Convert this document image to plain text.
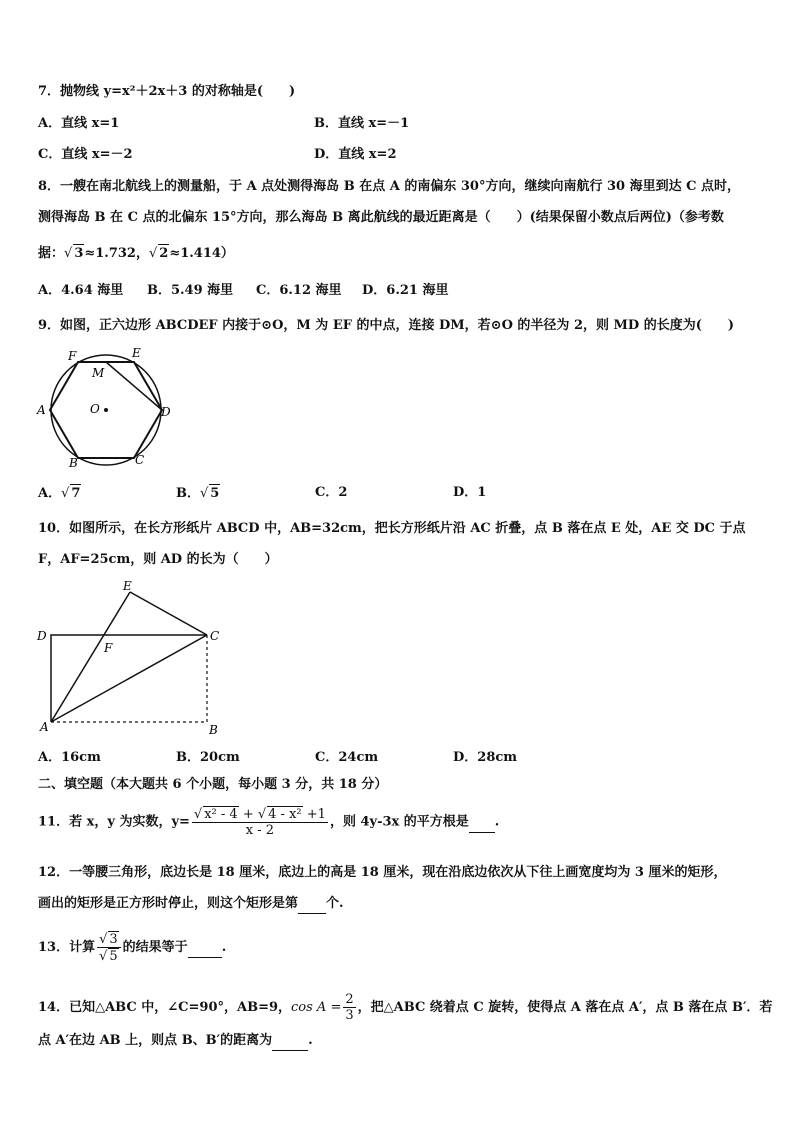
7．抛物线 y=x²＋2x＋3 的对称轴是(　　)
A．直线 x=1	B．直线 x=－1
C．直线 x=－2	D．直线 x=2
8．一艘在南北航线上的测量船，于 A 点处测得海岛 B 在点 A 的南偏东 30°方向，继续向南航行 30 海里到达 C 点时，
测得海岛 B 在 C 点的北偏东 15°方向，那么海岛 B 离此航线的最近距离是（　　）(结果保留小数点后两位)（参考数
据：√ 3≈1.732，√ 2≈1.414）
A．4.64 海里 B．5.49 海里 C．6.12 海里 D．6.21 海里
9．如图，正六边形 ABCDEF 内接于⊙O，M 为 EF 的中点，连接 DM，若⊙O 的半径为 2，则 MD 的长度为(　　)
F	E
M
A	O	D
B	C
A．√ 7	B．√ 5	C．2	D．1
10．如图所示，在长方形纸片 ABCD 中，AB=32cm，把长方形纸片沿 AC 折叠，点 B 落在点 E 处，AE 交 DC 于点
F，AF=25cm，则 AD 的长为（　　）
E
D
F
C
A	B
A．16cm	B．20cm	C．24cm	D．28cm
二、填空题（本大题共 6 个小题，每小题 3 分，共 18 分）
11．若 x，y 为实数，$y= \frac{\text{√ x² - 4 + √ 4 - x² +1}}{x - 2}$ ，则 4y-3x 的平方根是 .
12．一等腰三角形，底边长是 18 厘米，底边上的高是 18 厘米，现在沿底边依次从下往上画宽度均为 3 厘米的矩形，
画出的矩形是正方形时停止，则这个矩形是第 个.
13．计算 $\frac{√ 3}{√ 5}$ 的结果等于	.
14．已知△ABC 中，∠C=90°，AB=9，$\cos A = \frac{2}{3}$ ，把△ABC 绕着点 C 旋转，使得点 A 落在点 A′，点 B 落在点 B′．若
点 A′在边 AB 上，则点 B、B′的距离为	.
